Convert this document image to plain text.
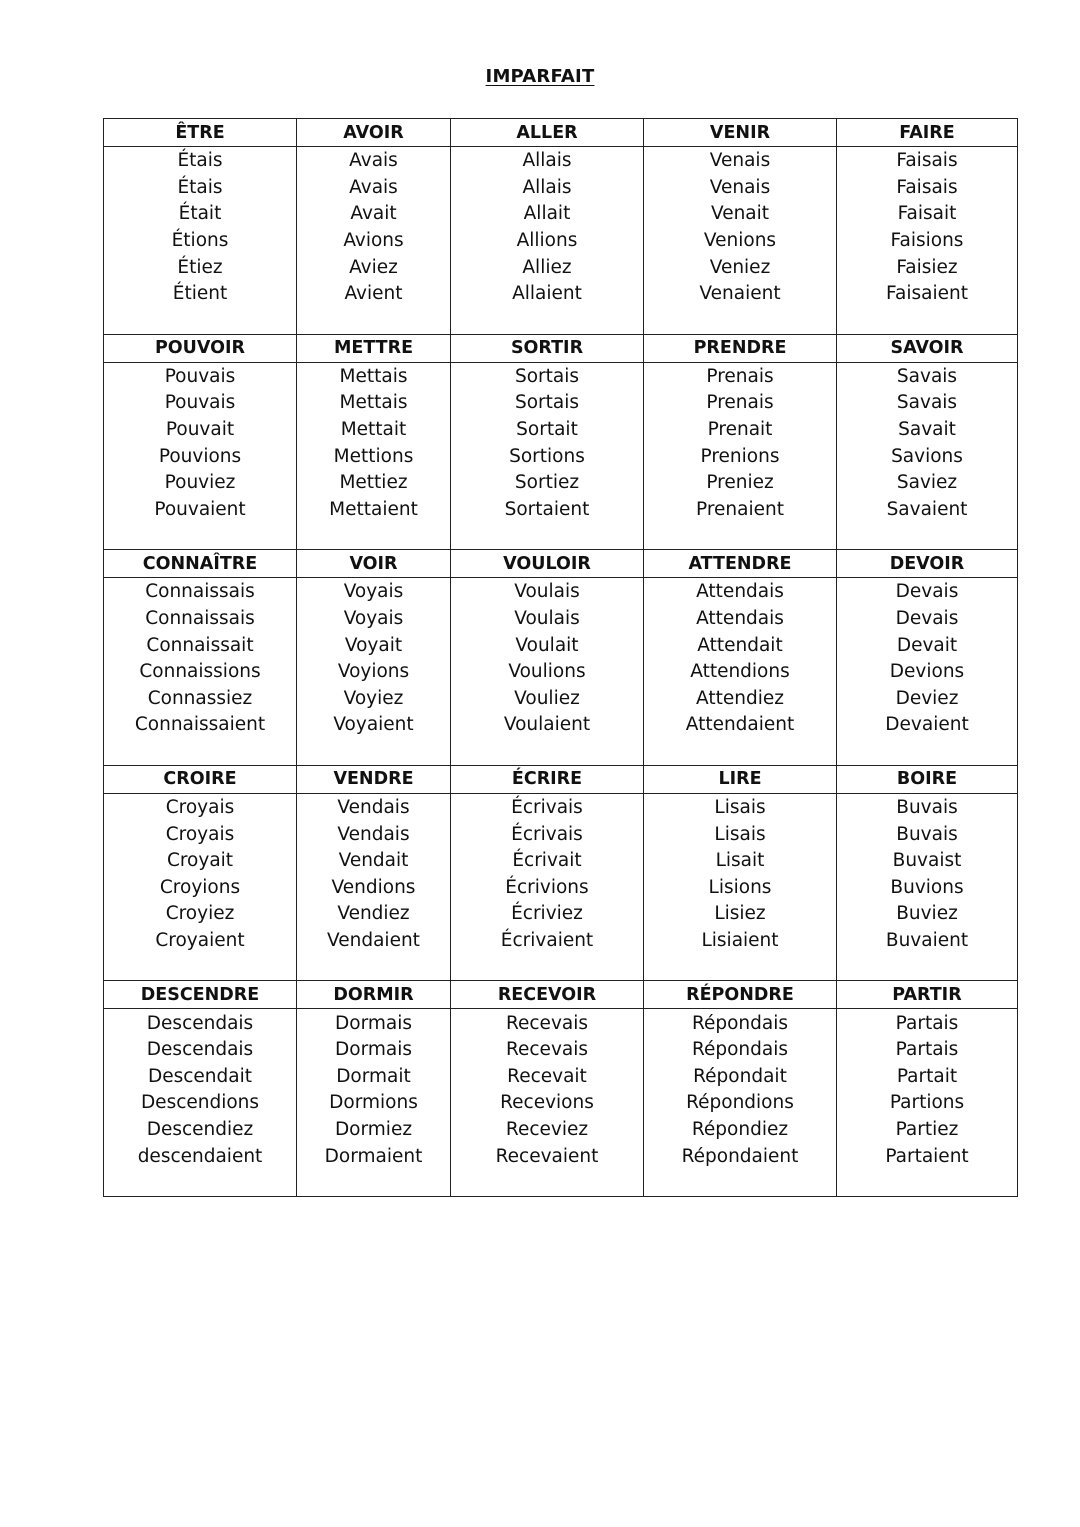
IMPARFAIT
ÊTRE	AVOIR	ALLER	VENIR	FAIRE
Étais	Avais	Allais	Venais	Faisais
Étais	Avais	Allais	Venais	Faisais
Était	Avait	Allait	Venait	Faisait
Étions	Avions	Allions	Venions	Faisions
Étiez	Aviez	Alliez	Veniez	Faisiez
Étient	Avient	Allaient	Venaient	Faisaient

POUVOIR	METTRE	SORTIR	PRENDRE	SAVOIR
Pouvais	Mettais	Sortais	Prenais	Savais
Pouvais	Mettais	Sortais	Prenais	Savais
Pouvait	Mettait	Sortait	Prenait	Savait
Pouvions	Mettions	Sortions	Prenions	Savions
Pouviez	Mettiez	Sortiez	Preniez	Saviez
Pouvaient	Mettaient	Sortaient	Prenaient	Savaient

CONNAÎTRE	VOIR	VOULOIR	ATTENDRE	DEVOIR
Connaissais	Voyais	Voulais	Attendais	Devais
Connaissais	Voyais	Voulais	Attendais	Devais
Connaissait	Voyait	Voulait	Attendait	Devait
Connaissions	Voyions	Voulions	Attendions	Devions
Connassiez	Voyiez	Vouliez	Attendiez	Deviez
Connaissaient	Voyaient	Voulaient	Attendaient	Devaient

CROIRE	VENDRE	ÉCRIRE	LIRE	BOIRE
Croyais	Vendais	Écrivais	Lisais	Buvais
Croyais	Vendais	Écrivais	Lisais	Buvais
Croyait	Vendait	Écrivait	Lisait	Buvaist
Croyions	Vendions	Écrivions	Lisions	Buvions
Croyiez	Vendiez	Écriviez	Lisiez	Buviez
Croyaient	Vendaient	Écrivaient	Lisiaient	Buvaient

DESCENDRE	DORMIR	RECEVOIR	RÉPONDRE	PARTIR
Descendais	Dormais	Recevais	Répondais	Partais
Descendais	Dormais	Recevais	Répondais	Partais
Descendait	Dormait	Recevait	Répondait	Partait
Descendions	Dormions	Recevions	Répondions	Partions
Descendiez	Dormiez	Receviez	Répondiez	Partiez
descendaient	Dormaient	Recevaient	Répondaient	Partaient
